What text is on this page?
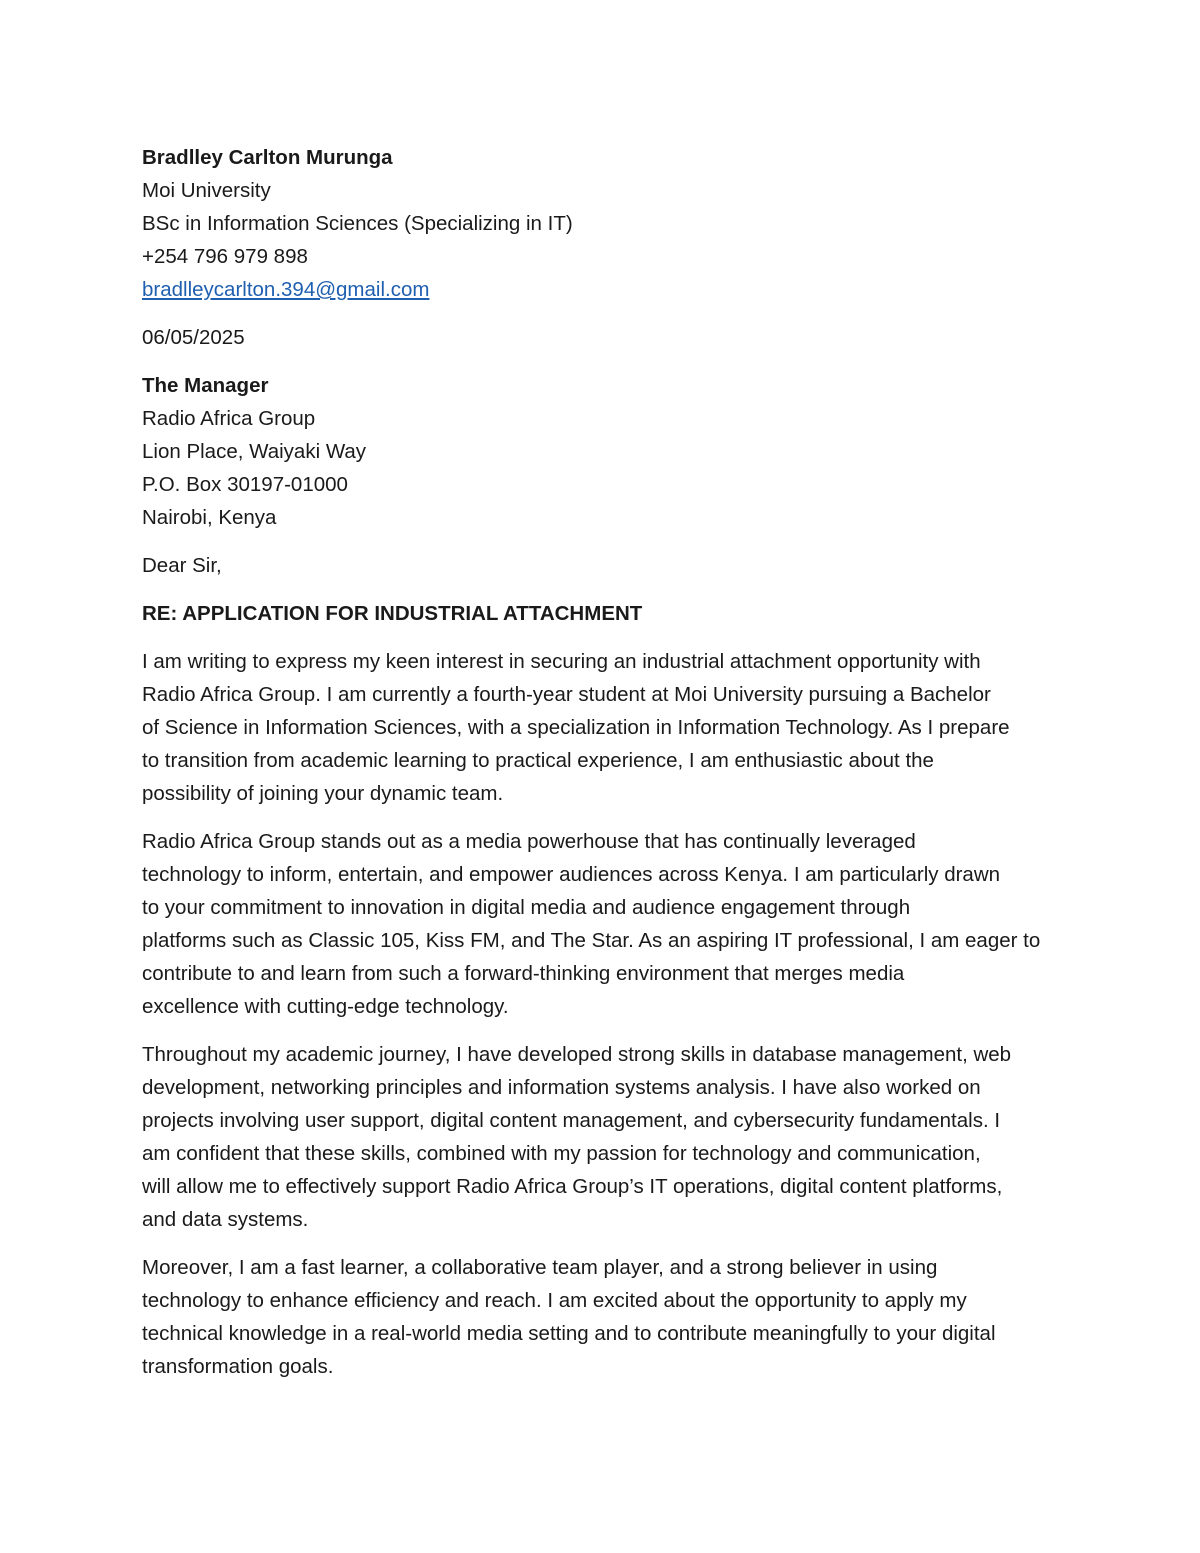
Bradlley Carlton Murunga
Moi University
BSc in Information Sciences (Specializing in IT)
+254 796 979 898
bradlleycarlton.394@gmail.com
06/05/2025
The Manager
Radio Africa Group
Lion Place, Waiyaki Way
P.O. Box 30197-01000
Nairobi, Kenya
Dear Sir,
RE: APPLICATION FOR INDUSTRIAL ATTACHMENT
I am writing to express my keen interest in securing an industrial attachment opportunity with
Radio Africa Group. I am currently a fourth-year student at Moi University pursuing a Bachelor
of Science in Information Sciences, with a specialization in Information Technology. As I prepare
to transition from academic learning to practical experience, I am enthusiastic about the
possibility of joining your dynamic team.
Radio Africa Group stands out as a media powerhouse that has continually leveraged
technology to inform, entertain, and empower audiences across Kenya. I am particularly drawn
to your commitment to innovation in digital media and audience engagement through
platforms such as Classic 105, Kiss FM, and The Star. As an aspiring IT professional, I am eager to
contribute to and learn from such a forward-thinking environment that merges media
excellence with cutting-edge technology.
Throughout my academic journey, I have developed strong skills in database management, web
development, networking principles and information systems analysis. I have also worked on
projects involving user support, digital content management, and cybersecurity fundamentals. I
am confident that these skills, combined with my passion for technology and communication,
will allow me to effectively support Radio Africa Group’s IT operations, digital content platforms,
and data systems.
Moreover, I am a fast learner, a collaborative team player, and a strong believer in using
technology to enhance efficiency and reach. I am excited about the opportunity to apply my
technical knowledge in a real-world media setting and to contribute meaningfully to your digital
transformation goals.
